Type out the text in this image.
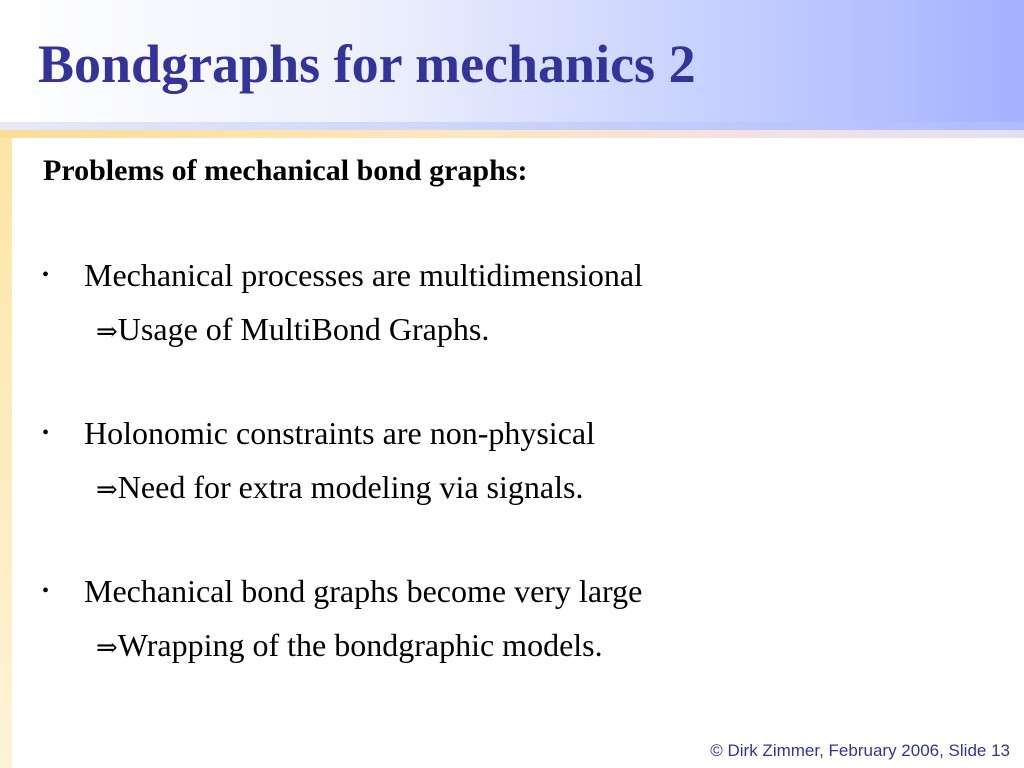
Bondgraphs for mechanics 2
Problems of mechanical bond graphs:
• Mechanical processes are multidimensional
⇒Usage of MultiBond Graphs.
• Holonomic constraints are non-physical
⇒Need for extra modeling via signals.
• Mechanical bond graphs become very large
⇒Wrapping of the bondgraphic models.
© Dirk Zimmer, February 2006, Slide 13
